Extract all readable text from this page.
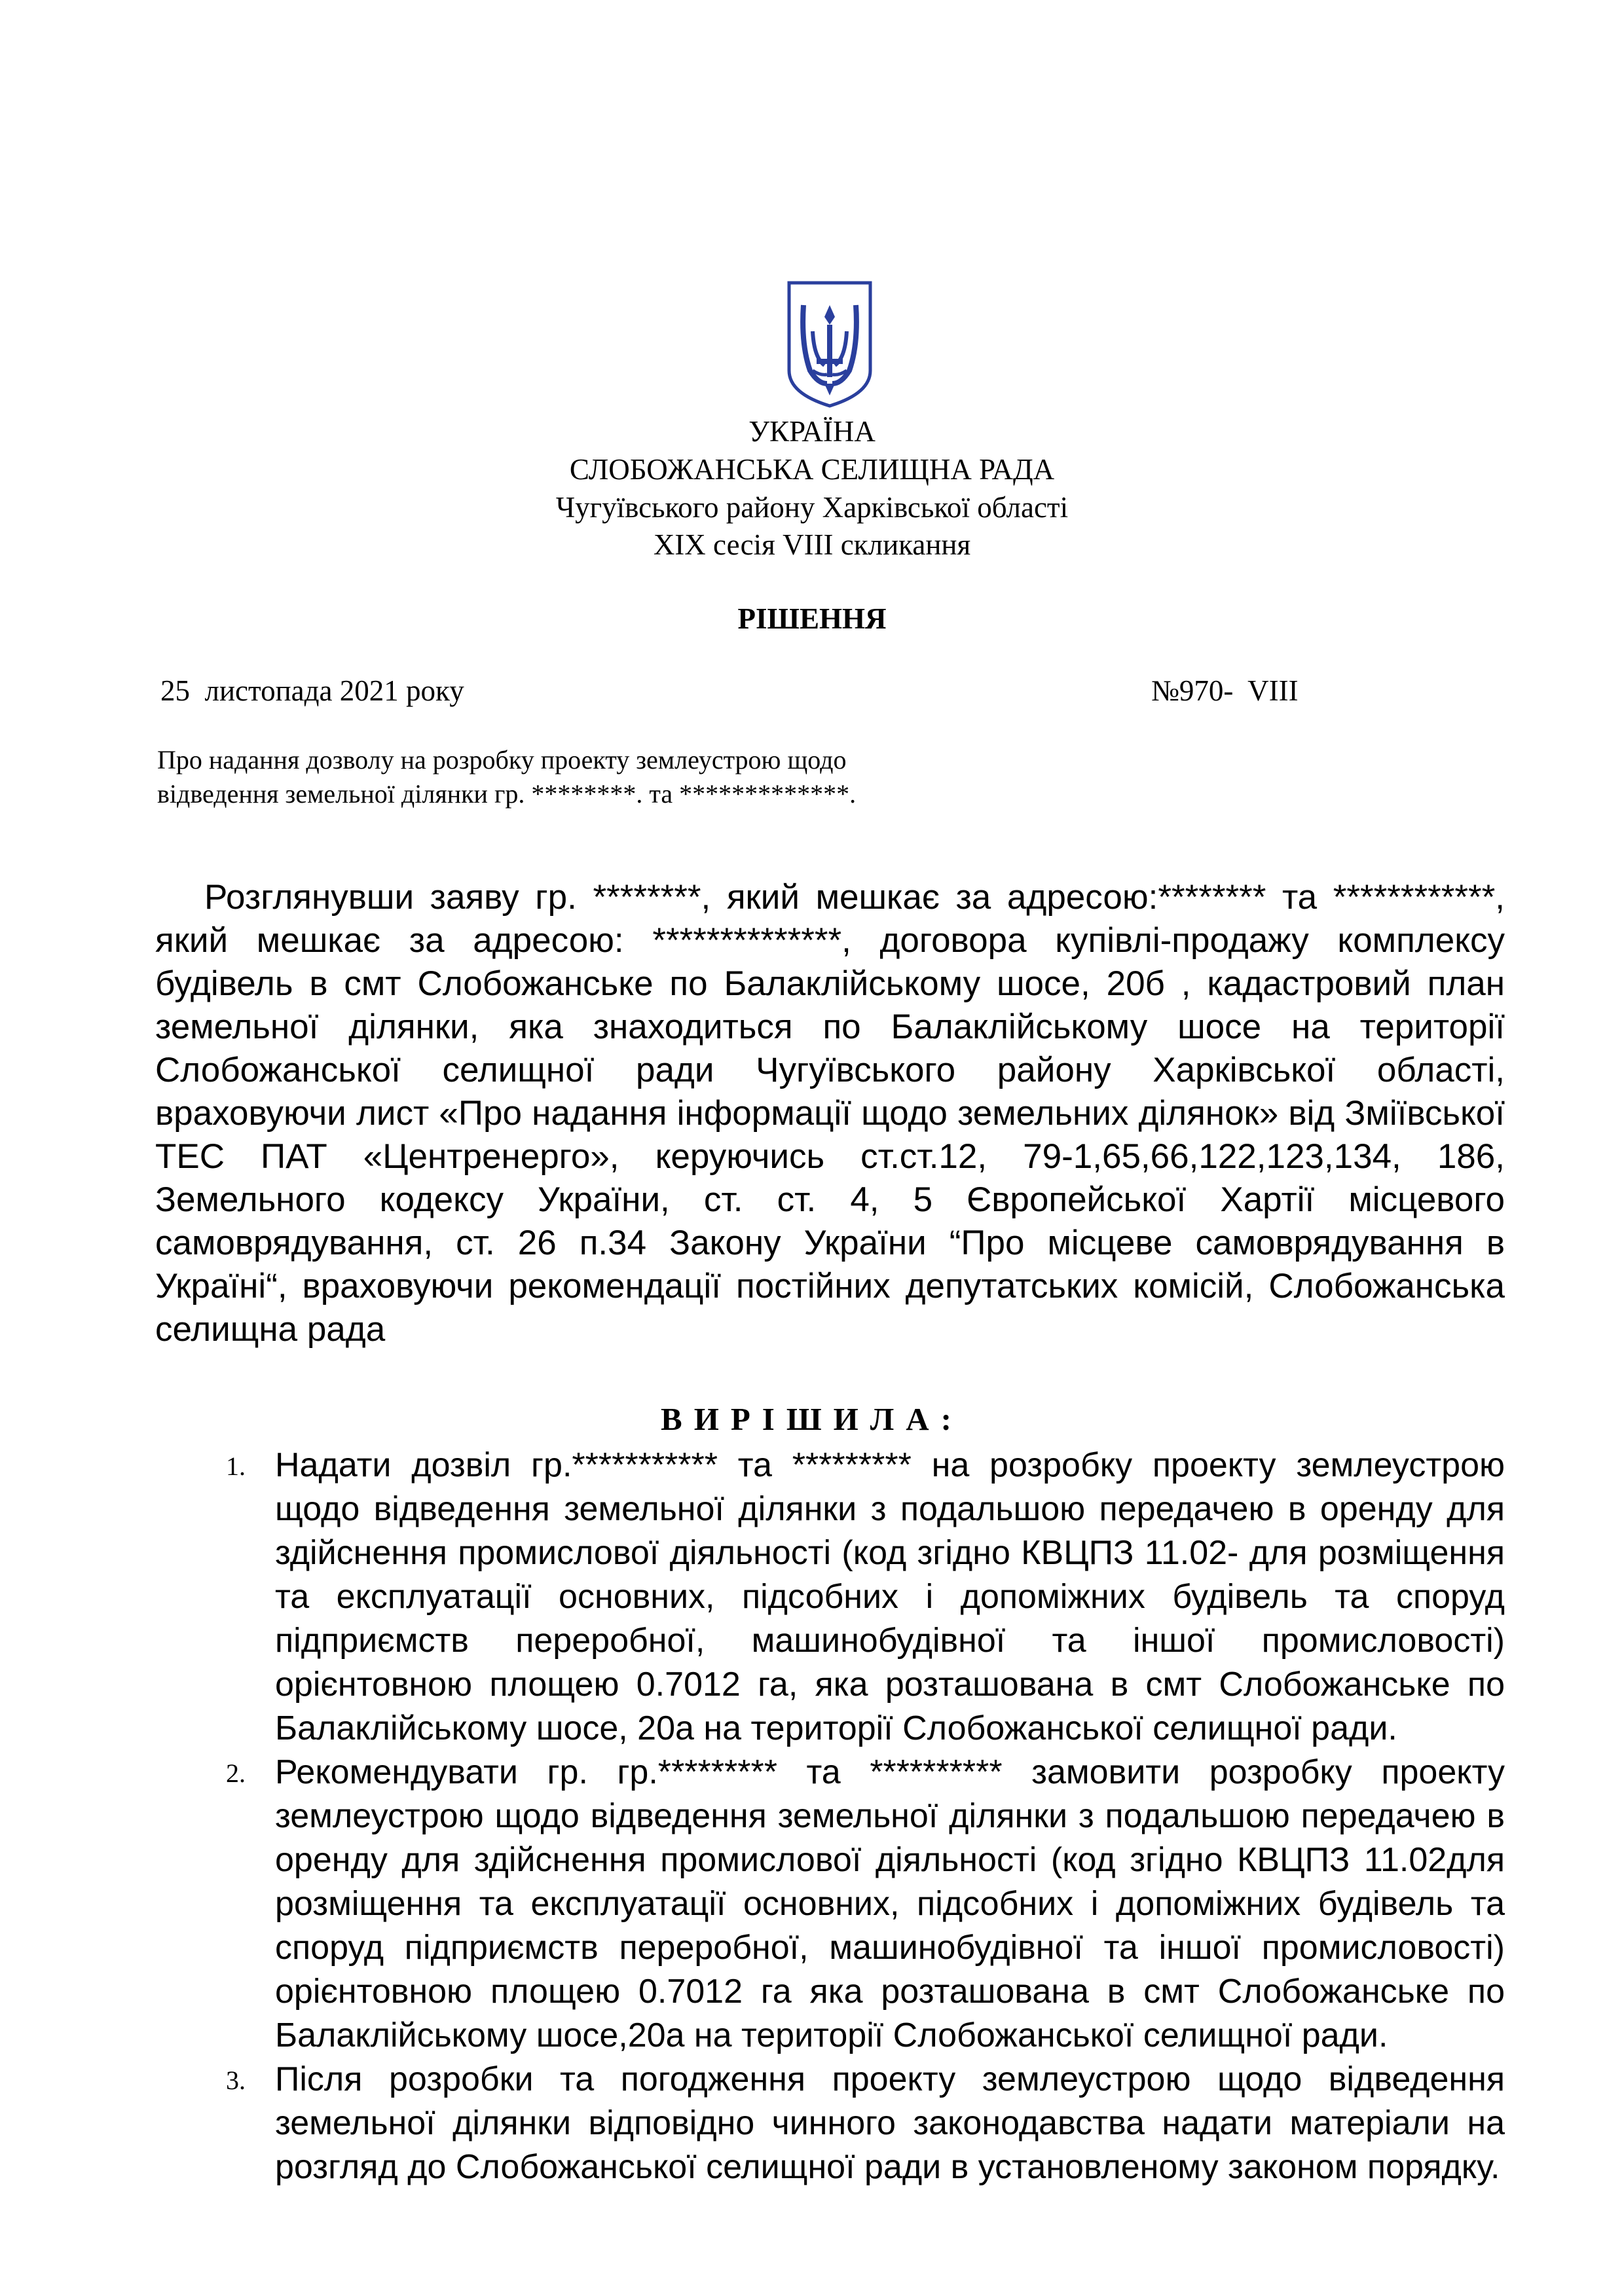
УКРАЇНА
СЛОБОЖАНСЬКА СЕЛИЩНА РАДА
Чугуївського району Харківської області
XIX сесія VIII скликання
РІШЕННЯ
25  листопада 2021 року	№970-  VIII
Про надання дозволу на розробку проекту землеустрою щодо відведення земельної ділянки гр. ********. та *************.
Розглянувши заяву гр. ********, який мешкає за адресою:******** та ************, який мешкає за адресою: **************, договора купівлі-продажу комплексу будівель в смт Слобожанське по Балаклійському шосе, 20б , кадастровий план земельної ділянки, яка знаходиться по Балаклійському шосе на території Слобожанської селищної ради Чугуївського району Харківської області, враховуючи лист «Про надання інформації щодо земельних ділянок» від Зміївської ТЕС ПАТ «Центренерго», керуючись ст.ст.12, 79-1,65,66,122,123,134, 186, Земельного кодексу України, ст. ст. 4, 5 Європейської Хартії місцевого самоврядування, ст. 26 п.34 Закону України “Про місцеве самоврядування в Україні“, враховуючи рекомендації постійних депутатських комісій, Слобожанська селищна рада
ВИРІШИЛА:
1. Надати дозвіл гр.*********** та ********* на розробку проекту землеустрою щодо відведення земельної ділянки з подальшою передачею в оренду для здійснення промислової діяльності (код згідно КВЦПЗ 11.02- для розміщення та експлуатації основних, підсобних і допоміжних будівель та споруд підприємств переробної, машинобудівної та іншої промисловості) орієнтовною площею 0.7012 га, яка розташована в смт Слобожанське по Балаклійському шосе, 20а на території Слобожанської селищної ради.
2. Рекомендувати гр. гр.********* та ********** замовити розробку проекту землеустрою щодо відведення земельної ділянки з подальшою передачею в оренду для здійснення промислової діяльності (код згідно КВЦПЗ 11.02для розміщення та експлуатації основних, підсобних і допоміжних будівель та споруд підприємств переробної, машинобудівної та іншої промисловості) орієнтовною площею 0.7012 га яка розташована в смт Слобожанське по Балаклійському шосе,20а на території Слобожанської селищної ради.
3. Після розробки та погодження проекту землеустрою щодо відведення земельної ділянки відповідно чинного законодавства надати матеріали на розгляд до Слобожанської селищної ради в установленому законом порядку.
